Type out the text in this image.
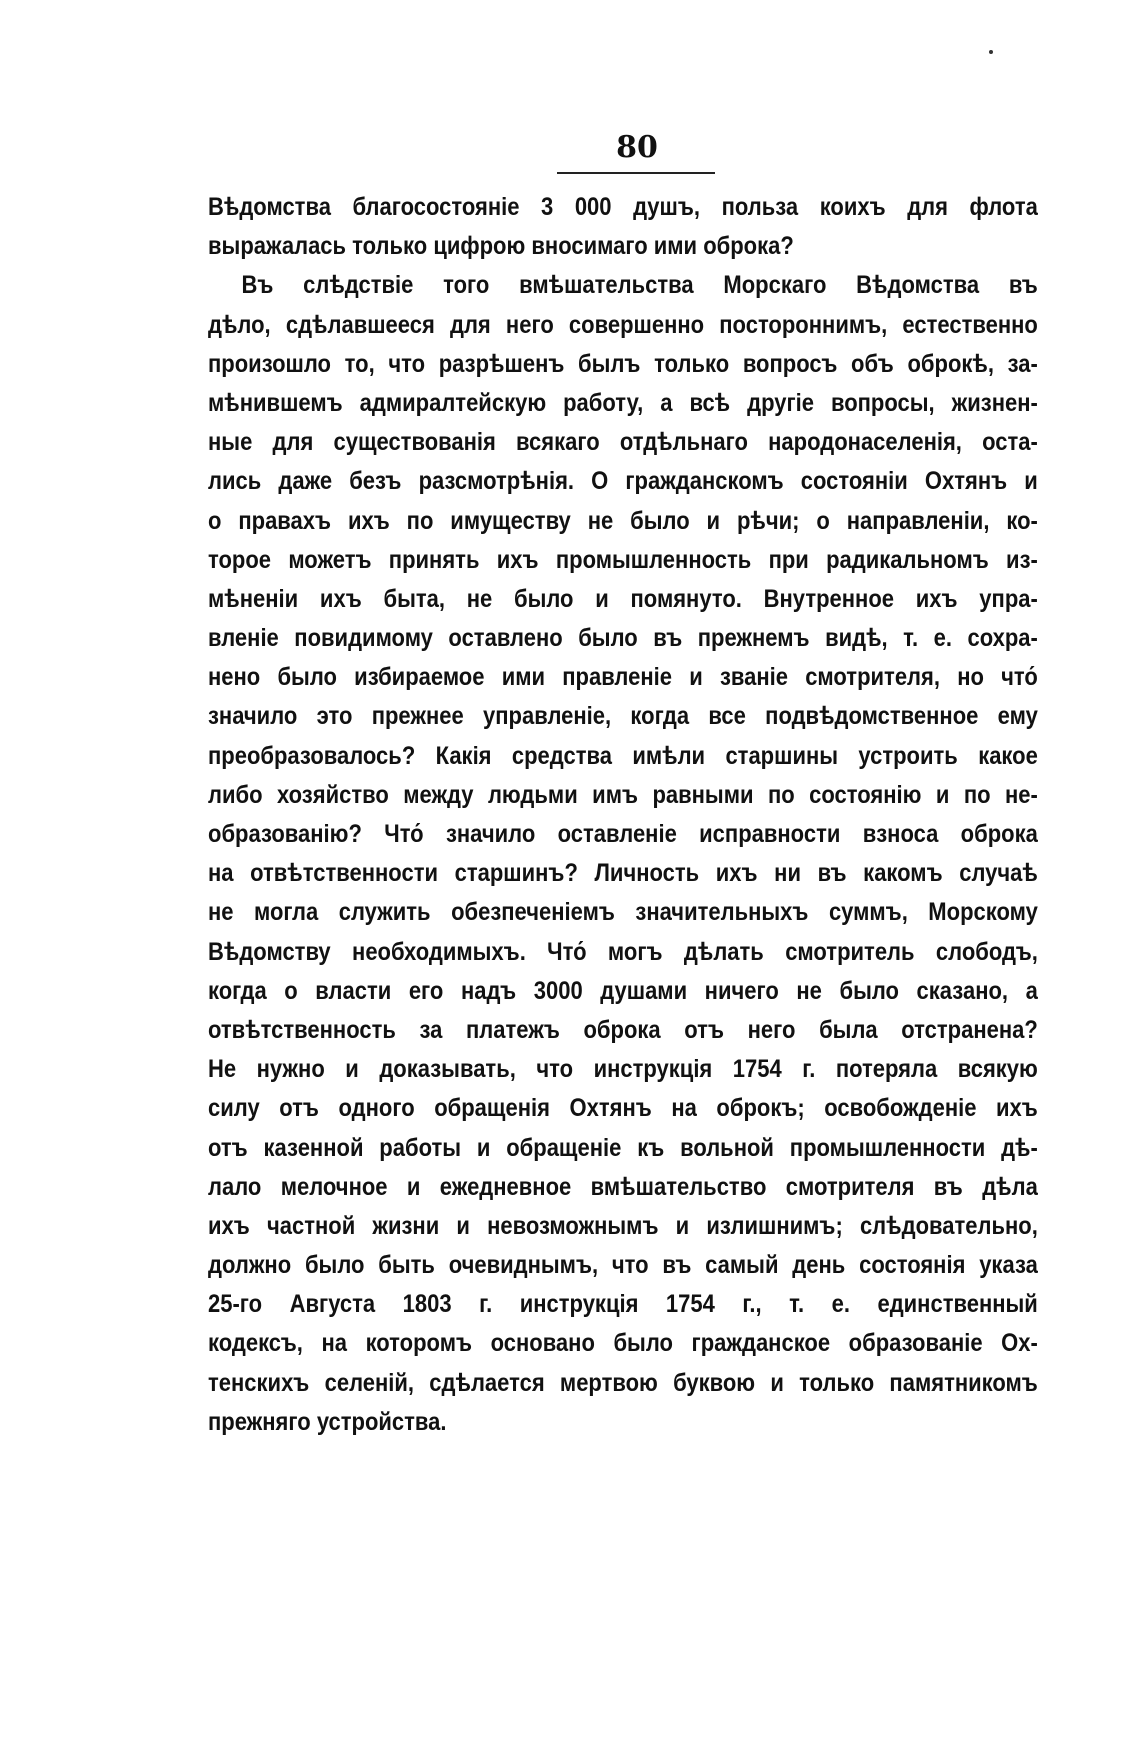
80
Вѣдомства благосостояніе 3 000 душъ, польза коихъ для флота
выражалась только цифрою вносимаго ими оброка?
Въ слѣдствіе того вмѣшательства Морскаго Вѣдомства въ
дѣло, сдѣлавшееся для него совершенно постороннимъ, естественно
произошло то, что разрѣшенъ былъ только вопросъ объ оброкѣ, за-
мѣнившемъ адмиралтейскую работу, а всѣ другіе вопросы, жизнен-
ные для существованія всякаго отдѣльнаго народонаселенія, оста-
лись даже безъ разсмотрѣнія. О гражданскомъ состояніи Охтянъ и
о правахъ ихъ по имуществу не было и рѣчи; о направленіи, ко-
торое можетъ принять ихъ промышленность при радикальномъ из-
мѣненіи ихъ быта, не было и помянуто. Внутренное ихъ упра-
вленіе повидимому оставлено было въ прежнемъ видѣ, т. е. сохра-
нено было избираемое ими правленіе и званіе смотрителя, но что́
значило это прежнее управленіе, когда все подвѣдомственное ему
преобразовалось? Какія средства имѣли старшины устроить какое
либо хозяйство между людьми имъ равными по состоянію и по не-
образованію? Что́ значило оставленіе исправности взноса оброка
на отвѣтственности старшинъ? Личность ихъ ни въ какомъ случаѣ
не могла служить обезпеченіемъ значительныхъ суммъ, Морскому
Вѣдомству необходимыхъ. Что́ могъ дѣлать смотритель слободъ,
когда о власти его надъ 3000 душами ничего не было сказано, а
отвѣтственность за платежъ оброка отъ него была отстранена?
Не нужно и доказывать, что инструкція 1754 г. потеряла всякую
силу отъ одного обращенія Охтянъ на оброкъ; освобожденіе ихъ
отъ казенной работы и обращеніе къ вольной промышленности дѣ-
лало мелочное и ежедневное вмѣшательство смотрителя въ дѣла
ихъ частной жизни и невозможнымъ и излишнимъ; слѣдовательно,
должно было быть очевиднымъ, что въ самый день состоянія указа
25-го Августа 1803 г. инструкція 1754 г., т. е. единственный
кодексъ, на которомъ основано было гражданское образованіе Ох-
тенскихъ селеній, сдѣлается мертвою буквою и только памятникомъ
прежняго устройства.
